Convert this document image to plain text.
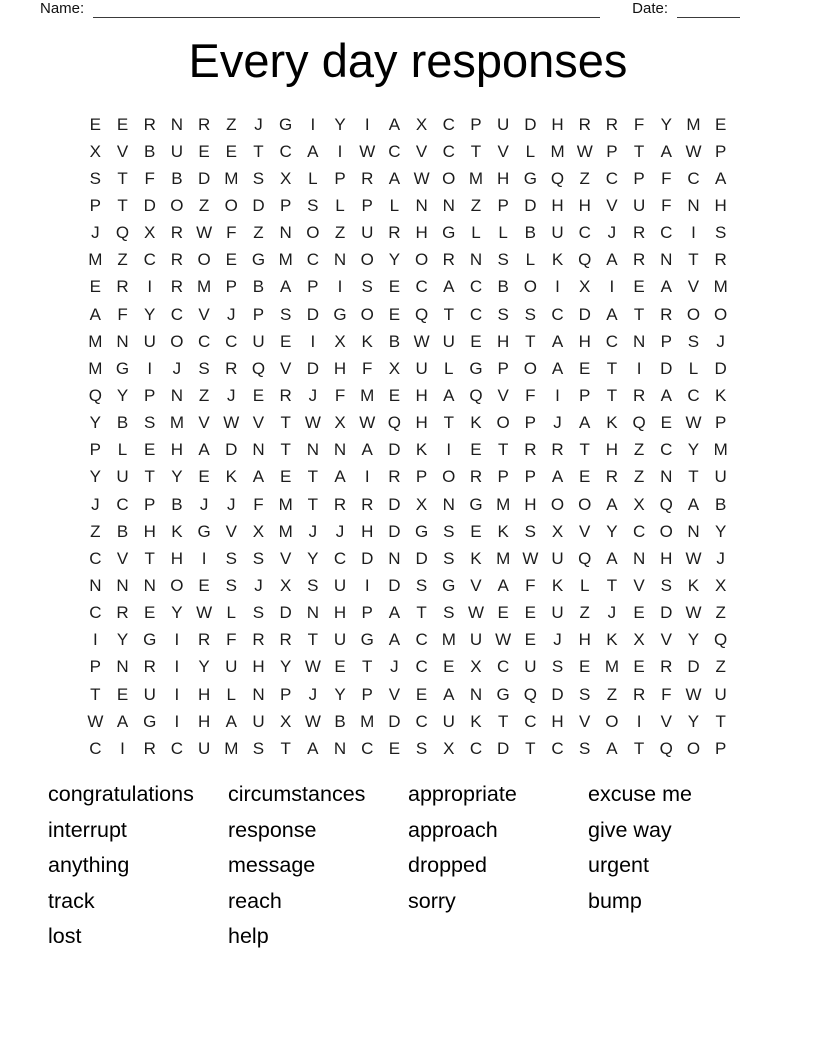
Name:	Date:
Every day responses
E E R N R Z	J G	I	Y	I	A X C P U D H R R F Y M E
X V B U E E T C A	I W C V C T V L M W P T A W P
S T F B D M S X L P R A W O M H G Q Z C P F C A
P T D O Z O D P S L P L N N Z P D H H V U F N H
J Q X R W F Z N O Z U R H G L	L B U C J R C	I	S
M Z C R O E G M C N O Y O R N S L K Q A R N T R
E R	I	R M P B A P	I	S E C A C B O	I	X	I	E A V M
A F Y C V	J	P S D G O E Q T C S S C D A T R O O
M N U O C C U E	I	X K B W U E H T A H C N P S	J
M G	I	J	S R Q V D H F X U L G P O A E T	I	D L D
Q Y P N Z	J	E R J	F M E H A Q V F	I	P T R A C K
Y B S M V W V T W X W Q H T K O P	J	A K Q E W P
P L E H A D N T N N A D K	I	E T R R T H Z C Y M
Y U T Y E K A E T A	I	R P O R P P A E R Z N T U
J C P B	J	J	F M T R R D X N G M H O O A X Q A B
Z B H K G V X M J	J H D G S E K S X V Y C O N Y
C V T H	I	S S V Y C D N D S K M W U Q A N H W J
N N N O E S	J	X S U	I	D S G V A F K L	T V S K X
C R E Y W L S D N H P A T S W E E U Z	J	E D W Z
I	Y G	I	R F R R T U G A C M U W E	J H K X V Y Q
P N R	I	Y U H Y W E T	J C E X C U S E M E R D Z
T E U	I	H L N P	J	Y P V E A N G Q D S Z R F W U
W A G	I	H A U X W B M D C U K T C H V O	I	V Y T
C	I	R C U M S T A N C E S X C D T C S A T Q O P
congratulations
interrupt
anything
track
lost
circumstances
response
message
reach
help
appropriate
approach
dropped
sorry
excuse me
give way
urgent
bump
